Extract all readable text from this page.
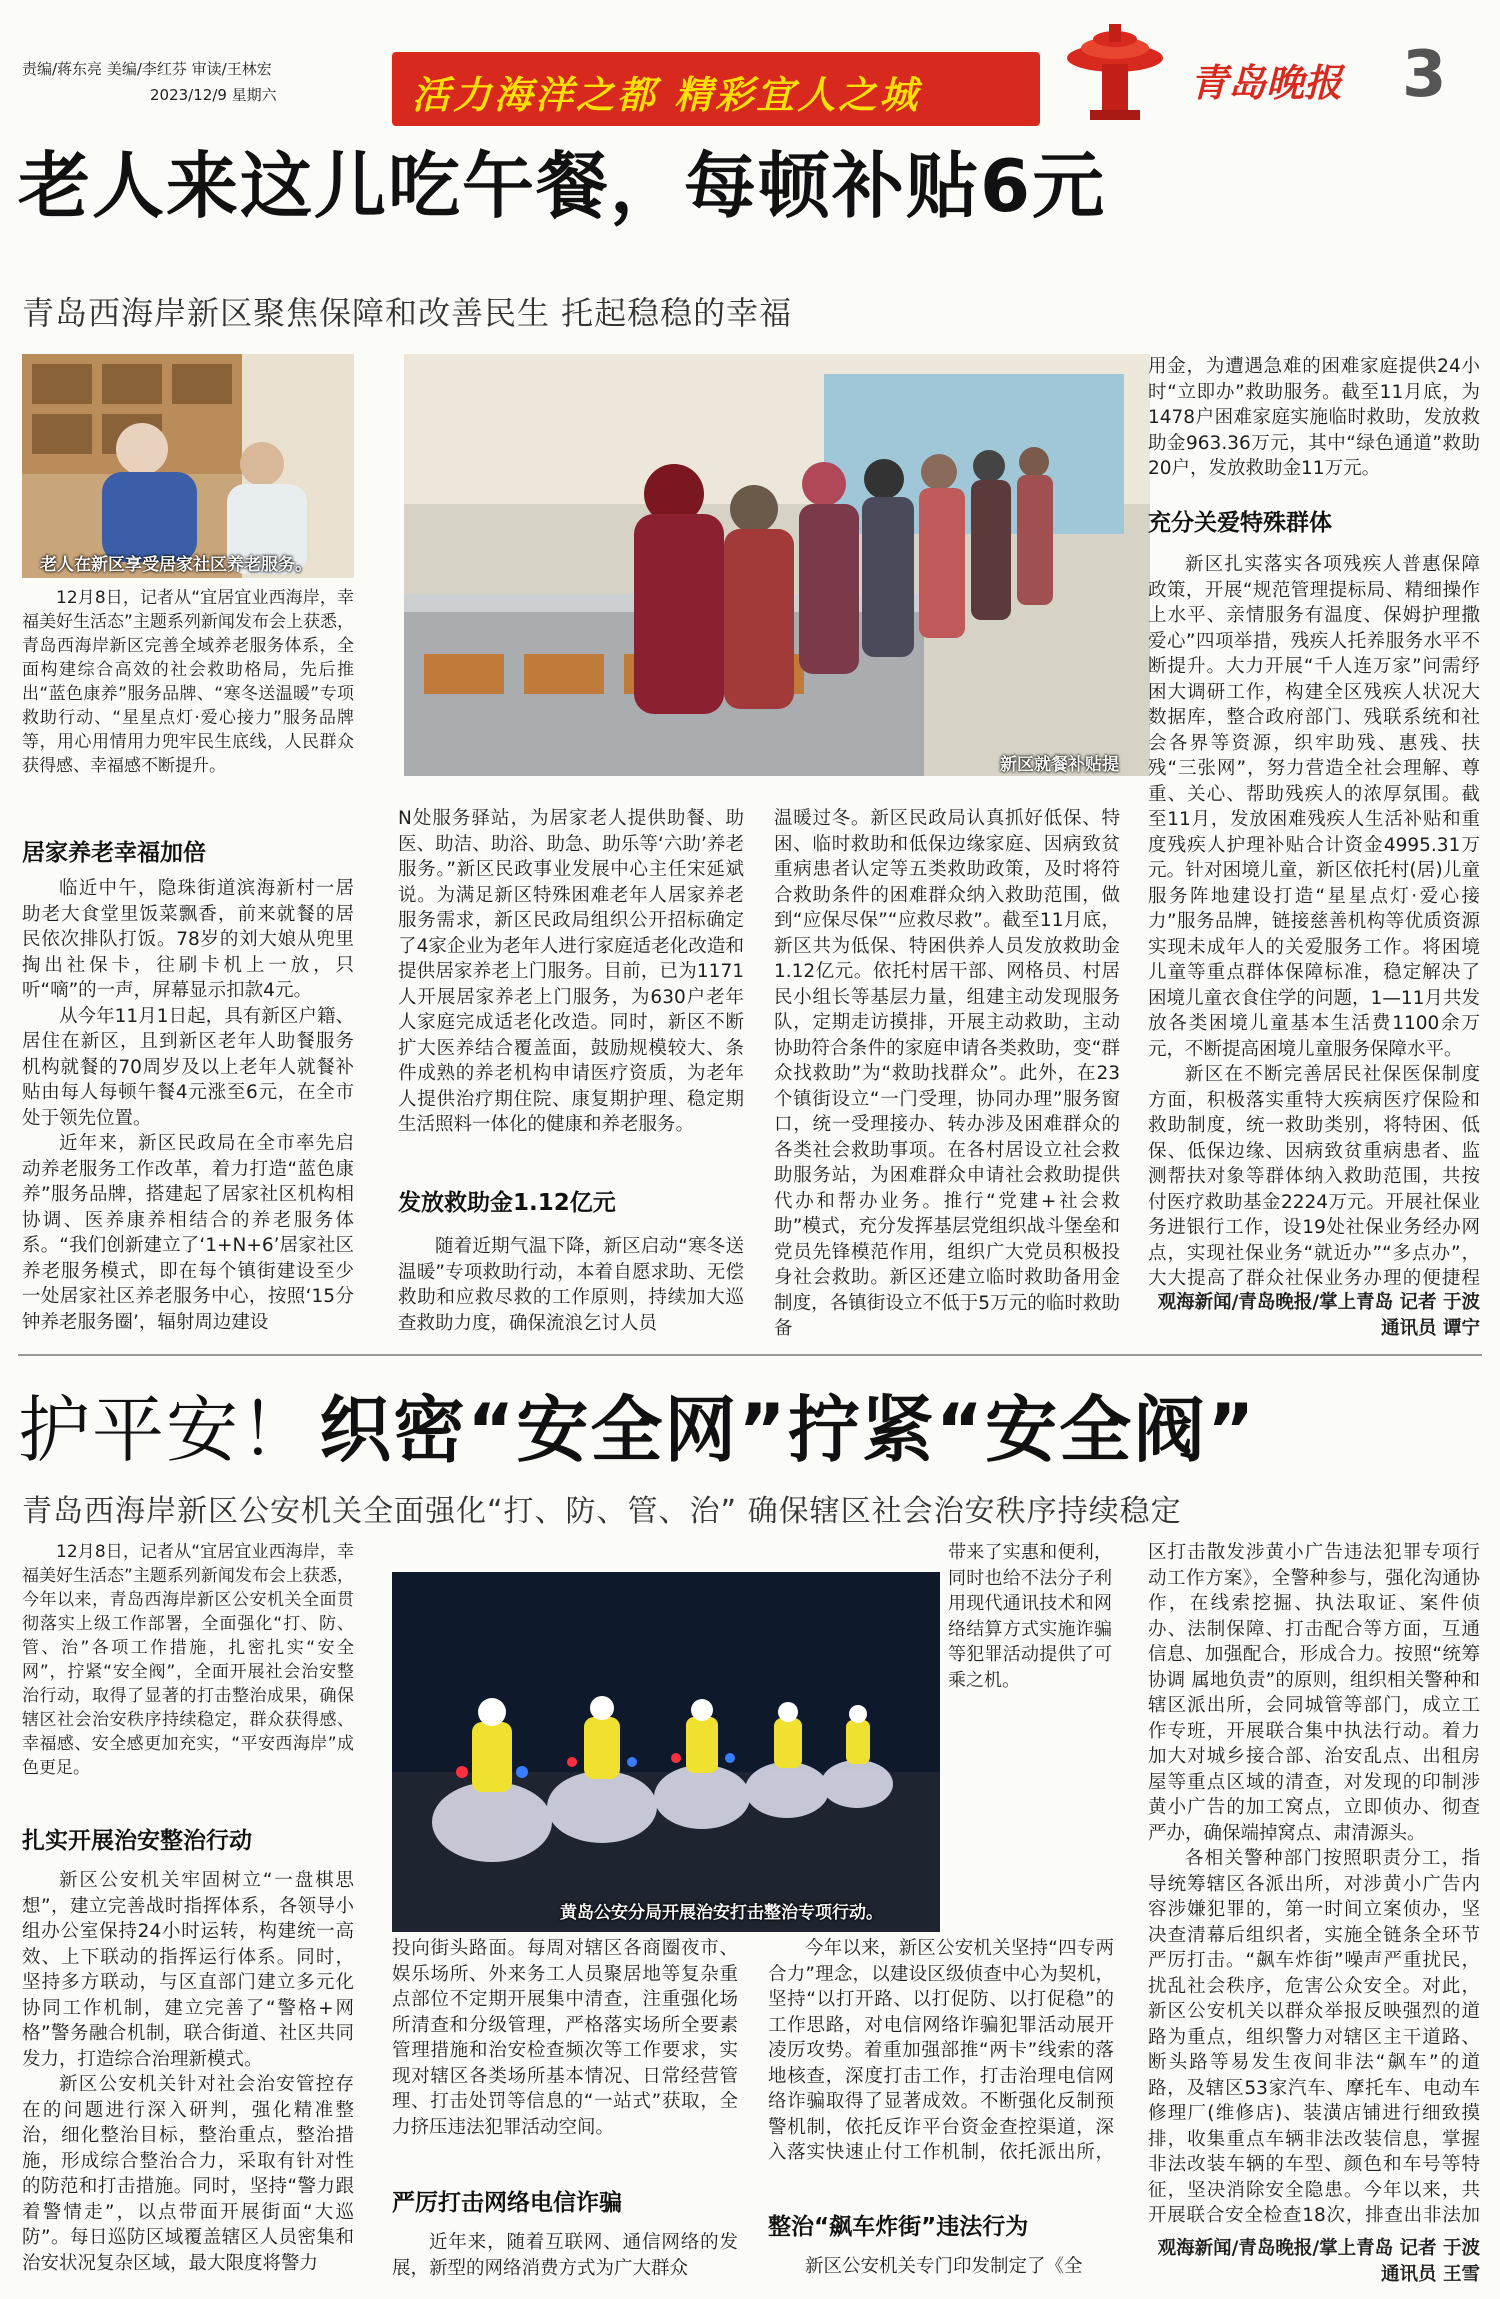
责编/蒋东亮 美编/李红芬 审读/王林宏
2023/12/9 星期六	活力海洋之都 精彩宜人之城	青岛晚报 3
老人来这儿吃午餐，每顿补贴6元
青岛西海岸新区聚焦保障和改善民生 托起稳稳的幸福
老人在新区享受居家社区养老服务。
新区就餐补贴提

12月8日，记者从“宜居宜业西海岸，幸福美好生活态”主题系列新闻发布会上获悉，青岛西海岸新区完善全域养老服务体系，全面构建综合高效的社会救助格局，先后推出“蓝色康养”服务品牌、“寒冬送温暖”专项救助行动、“星星点灯·爱心接力”服务品牌等，用心用情用力兜牢民生底线，人民群众获得感、幸福感不断提升。

居家养老幸福加倍

临近中午，隐珠街道滨海新村一居助老大食堂里饭菜飘香，前来就餐的居民依次排队打饭。78岁的刘大娘从兜里掏出社保卡，往刷卡机上一放，只听“嘀”的一声，屏幕显示扣款4元。

从今年11月1日起，具有新区户籍、居住在新区，且到新区老年人助餐服务机构就餐的70周岁及以上老年人就餐补贴由每人每顿午餐4元涨至6元，在全市处于领先位置。

近年来，新区民政局在全市率先启动养老服务工作改革，着力打造“蓝色康养”服务品牌，搭建起了居家社区机构相协调、医养康养相结合的养老服务体系。“我们创新建立了‘1+N+6’居家社区养老服务模式，即在每个镇街建设至少一处居家社区养老服务中心，按照‘15分钟养老服务圈’，辐射周边建设

N处服务驿站，为居家老人提供助餐、助医、助洁、助浴、助急、助乐等‘六助’养老服务。”新区民政事业发展中心主任宋延斌说。为满足新区特殊困难老年人居家养老服务需求，新区民政局组织公开招标确定了4家企业为老年人进行家庭适老化改造和提供居家养老上门服务。目前，已为1171人开展居家养老上门服务，为630户老年人家庭完成适老化改造。同时，新区不断扩大医养结合覆盖面，鼓励规模较大、条件成熟的养老机构申请医疗资质，为老年人提供治疗期住院、康复期护理、稳定期生活照料一体化的健康和养老服务。

发放救助金1.12亿元

随着近期气温下降，新区启动“寒冬送温暖”专项救助行动，本着自愿求助、无偿救助和应救尽救的工作原则，持续加大巡查救助力度，确保流浪乞讨人员

温暖过冬。新区民政局认真抓好低保、特困、临时救助和低保边缘家庭、因病致贫重病患者认定等五类救助政策，及时将符合救助条件的困难群众纳入救助范围，做到“应保尽保”“应救尽救”。截至11月底，新区共为低保、特困供养人员发放救助金1.12亿元。依托村居干部、网格员、村居民小组长等基层力量，组建主动发现服务队，定期走访摸排，开展主动救助，主动协助符合条件的家庭申请各类救助，变“群众找救助”为“救助找群众”。此外，在23个镇街设立“一门受理，协同办理”服务窗口，统一受理接办、转办涉及困难群众的各类社会救助事项。在各村居设立社会救助服务站，为困难群众申请社会救助提供代办和帮办业务。推行“党建+社会救助”模式，充分发挥基层党组织战斗堡垒和党员先锋模范作用，组织广大党员积极投身社会救助。新区还建立临时救助备用金制度，各镇街设立不低于5万元的临时救助备

用金，为遭遇急难的困难家庭提供24小时“立即办”救助服务。截至11月底，为1478户困难家庭实施临时救助，发放救助金963.36万元，其中“绿色通道”救助20户，发放救助金11万元。

充分关爱特殊群体

新区扎实落实各项残疾人普惠保障政策，开展“规范管理提标局、精细操作上水平、亲情服务有温度、保姆护理撒爱心”四项举措，残疾人托养服务水平不断提升。大力开展“千人连万家”问需纾困大调研工作，构建全区残疾人状况大数据库，整合政府部门、残联系统和社会各界等资源，织牢助残、惠残、扶残“三张网”，努力营造全社会理解、尊重、关心、帮助残疾人的浓厚氛围。截至11月，发放困难残疾人生活补贴和重度残疾人护理补贴合计资金4995.31万元。针对困境儿童，新区依托村(居)儿童服务阵地建设打造“星星点灯·爱心接力”服务品牌，链接慈善机构等优质资源实现未成年人的关爱服务工作。将困境儿童等重点群体保障标准，稳定解决了困境儿童衣食住学的问题，1—11月共发放各类困境儿童基本生活费1100余万元，不断提高困境儿童服务保障水平。

新区在不断完善居民社保医保制度方面，积极落实重特大疾病医疗保险和救助制度，统一救助类别，将特困、低保、低保边缘、因病致贫重病患者、监测帮扶对象等群体纳入救助范围，共按付医疗救助基金2224万元。开展社保业务进银行工作，设19处社保业务经办网点，实现社保业务“就近办”“多点办”，大大提高了群众社保业务办理的便捷程

观海新闻/青岛晚报/掌上青岛 记者 于波 通讯员 谭宁
护平安！ 织密“安全网”拧紧“安全阀”
青岛西海岸新区公安机关全面强化“打、防、管、治” 确保辖区社会治安秩序持续稳定

12月8日，记者从“宜居宜业西海岸，幸福美好生活态”主题系列新闻发布会上获悉，今年以来，青岛西海岸新区公安机关全面贯彻落实上级工作部署，全面强化“打、防、管、治”各项工作措施，扎密扎实“安全网”，拧紧“安全阀”，全面开展社会治安整治行动，取得了显著的打击整治成果，确保辖区社会治安秩序持续稳定，群众获得感、幸福感、安全感更加充实，“平安西海岸”成色更足。

黄岛公安分局开展治安打击整治专项行动。
扎实开展治安整治行动

新区公安机关牢固树立“一盘棋思想”，建立完善战时指挥体系，各领导小组办公室保持24小时运转，构建统一高效、上下联动的指挥运行体系。同时，坚持多方联动，与区直部门建立多元化协同工作机制，建立完善了“警格+网格”警务融合机制，联合街道、社区共同发力，打造综合治理新模式。

新区公安机关针对社会治安管控存在的问题进行深入研判，强化精准整治，细化整治目标，整治重点，整治措施，形成综合整治合力，采取有针对性的防范和打击措施。同时，坚持“警力跟着警情走”，以点带面开展街面“大巡防”。每日巡防区域覆盖辖区人员密集和治安状况复杂区域，最大限度将警力

投向街头路面。每周对辖区各商圈夜市、娱乐场所、外来务工人员聚居地等复杂重点部位不定期开展集中清查，注重强化场所清查和分级管理，严格落实场所全要素管理措施和治安检查频次等工作要求，实现对辖区各类场所基本情况、日常经营管理、打击处罚等信息的“一站式”获取，全力挤压违法犯罪活动空间。

严厉打击网络电信诈骗

近年来，随着互联网、通信网络的发展，新型的网络消费方式为广大群众

带来了实惠和便利，同时也给不法分子利用现代通讯技术和网络结算方式实施诈骗等犯罪活动提供了可乘之机。

今年以来，新区公安机关坚持“四专两合力”理念，以建设区级侦查中心为契机，坚持“以打开路、以打促防、以打促稳”的工作思路，对电信网络诈骗犯罪活动展开凌厉攻势。着重加强部推“两卡”线索的落地核查，深度打击工作，打击治理电信网络诈骗取得了显著成效。不断强化反制预警机制，依托反诈平台资金查控渠道，深入落实快速止付工作机制，依托派出所，

整治“飙车炸街”违法行为

新区公安机关专门印发制定了《全

区打击散发涉黄小广告违法犯罪专项行动工作方案》，全警种参与，强化沟通协作，在线索挖掘、执法取证、案件侦办、法制保障、打击配合等方面，互通信息、加强配合，形成合力。按照“统筹协调 属地负责”的原则，组织相关警种和辖区派出所，会同城管等部门，成立工作专班，开展联合集中执法行动。着力加大对城乡接合部、治安乱点、出租房屋等重点区域的清查，对发现的印制涉黄小广告的加工窝点，立即侦办、彻查严办，确保端掉窝点、肃清源头。

各相关警种部门按照职责分工，指导统筹辖区各派出所，对涉黄小广告内容涉嫌犯罪的，第一时间立案侦办，坚决查清幕后组织者，实施全链条全环节严厉打击。“飙车炸街”噪声严重扰民，扰乱社会秩序，危害公众安全。对此，新区公安机关以群众举报反映强烈的道路为重点，组织警力对辖区主干道路、断头路等易发生夜间非法“飙车”的道路，及辖区53家汽车、摩托车、电动车修理厂(维修店)、装潢店铺进行细致摸排，收集重点车辆非法改装信息，掌握非法改装车辆的车型、颜色和车号等特征，坚决消除安全隐患。今年以来，共开展联合安全检查18次，排查出非法加

观海新闻/青岛晚报/掌上青岛 记者 于波 通讯员 王雪
